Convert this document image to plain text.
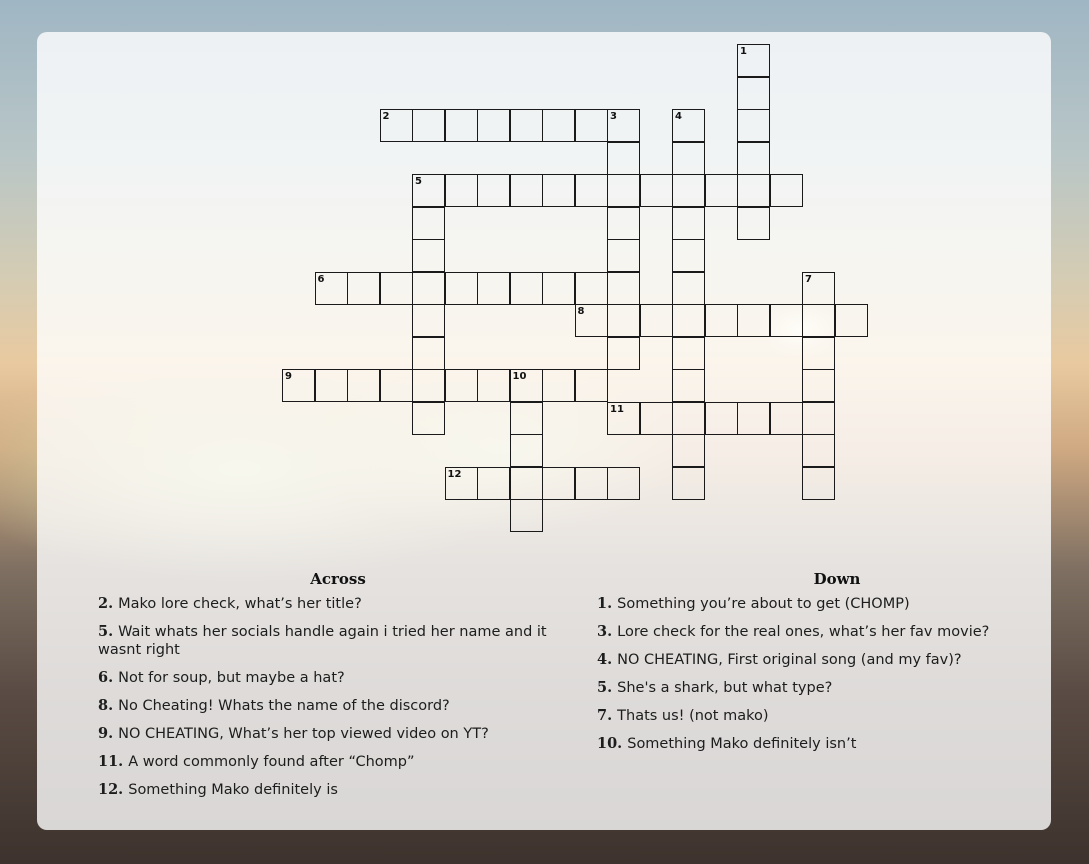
1
2	3	4
5
6	7
8
9	10
11
12
Across
2. Mako lore check, what’s her title?
5. Wait whats her socials handle again i tried her name and it wasnt right
6. Not for soup, but maybe a hat?
8. No Cheating! Whats the name of the discord?
9. NO CHEATING, What’s her top viewed video on YT?
11. A word commonly found after “Chomp”
12. Something Mako definitely is
Down
1. Something you’re about to get (CHOMP)
3. Lore check for the real ones, what’s her fav movie?
4. NO CHEATING, First original song (and my fav)?
5. She's a shark, but what type?
7. Thats us! (not mako)
10. Something Mako definitely isn’t
